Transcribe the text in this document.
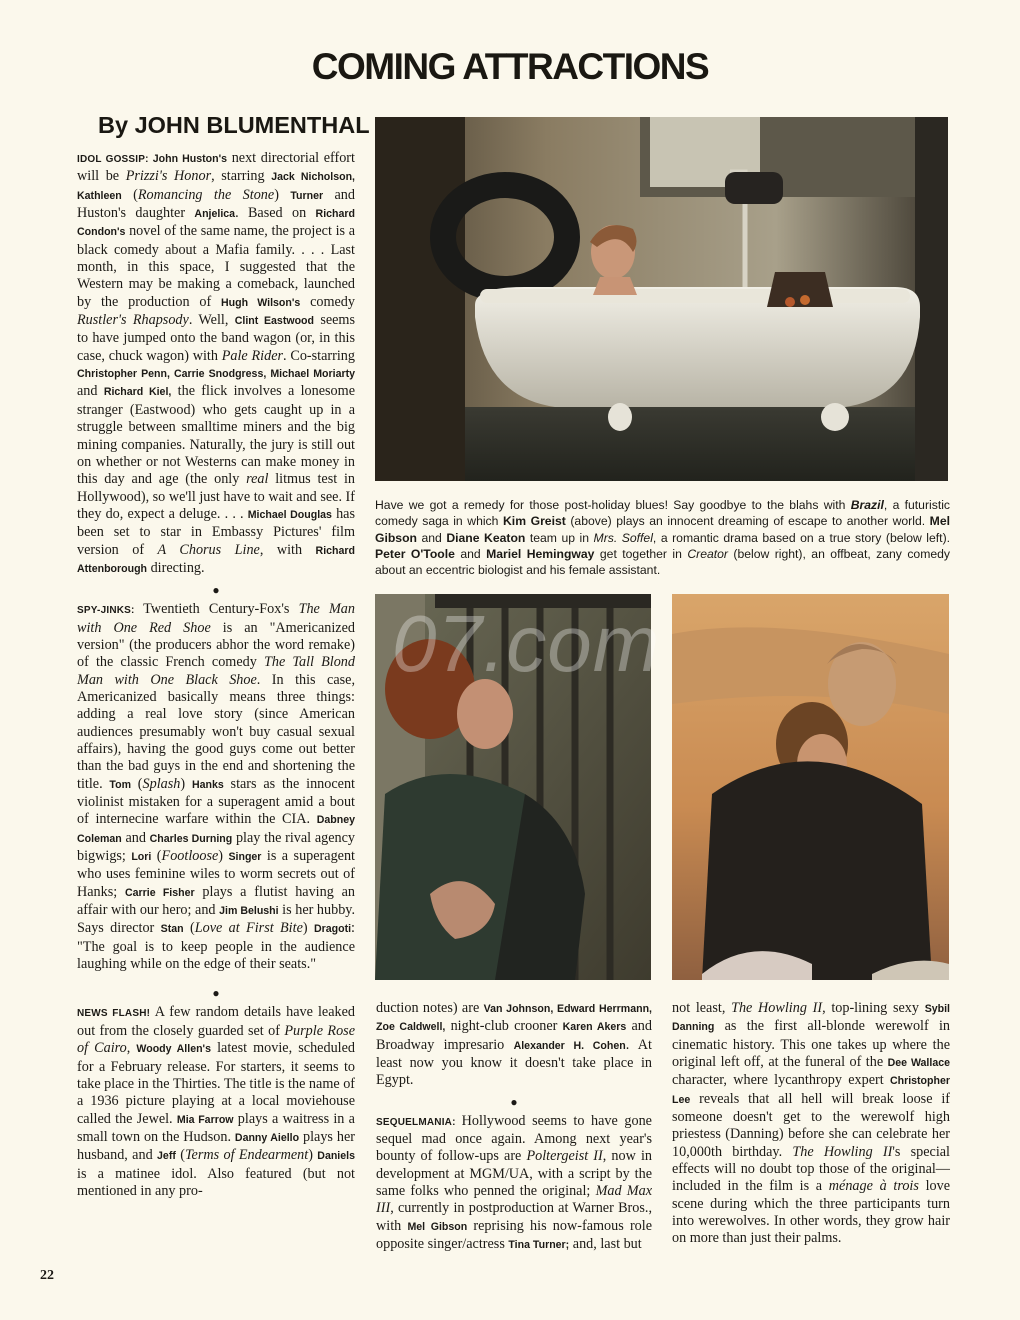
COMING ATTRACTIONS
By JOHN BLUMENTHAL

IDOL GOSSIP: John Huston's next directorial effort will be Prizzi's Honor, starring Jack Nicholson, Kathleen (Romancing the Stone) Turner and Huston's daughter Anjelica. Based on Richard Condon's novel of the same name, the project is a black comedy about a Mafia family. . . . Last month, in this space, I suggested that the Western may be making a comeback, launched by the production of Hugh Wilson's comedy Rustler's Rhapsody. Well, Clint Eastwood seems to have jumped onto the band wagon (or, in this case, chuck wagon) with Pale Rider. Co-starring Christopher Penn, Carrie Snodgress, Michael Moriarty and Richard Kiel, the flick involves a lonesome stranger (Eastwood) who gets caught up in a struggle between smalltime miners and the big mining companies. Naturally, the jury is still out on whether or not Westerns can make money in this day and age (the only real litmus test in Hollywood), so we'll just have to wait and see. If they do, expect a deluge. . . . Michael Douglas has been set to star in Embassy Pictures' film version of A Chorus Line, with Richard Attenborough directing.

●

SPY-JINKS: Twentieth Century-Fox's The Man with One Red Shoe is an "Americanized version" (the producers abhor the word remake) of the classic French comedy The Tall Blond Man with One Black Shoe. In this case, Americanized basically means three things: adding a real love story (since American audiences presumably won't buy casual sexual affairs), having the good guys come out better than the bad guys in the end and shortening the title. Tom (Splash) Hanks stars as the innocent violinist mistaken for a superagent amid a bout of internecine warfare within the CIA. Dabney Coleman and Charles Durning play the rival agency bigwigs; Lori (Footloose) Singer is a superagent who uses feminine wiles to worm secrets out of Hanks; Carrie Fisher plays a flutist having an affair with our hero; and Jim Belushi is her hubby. Says director Stan (Love at First Bite) Dragoti: "The goal is to keep people in the audience laughing while on the edge of their seats."

●

NEWS FLASH! A few random details have leaked out from the closely guarded set of Purple Rose of Cairo, Woody Allen's latest movie, scheduled for a February release. For starters, it seems to take place in the Thirties. The title is the name of a 1936 picture playing at a local moviehouse called the Jewel. Mia Farrow plays a waitress in a small town on the Hudson. Danny Aiello plays her husband, and Jeff (Terms of Endearment) Daniels is a matinee idol. Also featured (but not mentioned in any pro-

Have we got a remedy for those post-holiday blues! Say goodbye to the blahs with Brazil, a futuristic comedy saga in which Kim Greist (above) plays an innocent dreaming of escape to another world. Mel Gibson and Diane Keaton team up in Mrs. Soffel, a romantic drama based on a true story (below left). Peter O'Toole and Mariel Hemingway get together in Creator (below right), an offbeat, zany comedy about an eccentric biologist and his female assistant.

07.com

duction notes) are Van Johnson, Edward Herrmann, Zoe Caldwell, night-club crooner Karen Akers and Broadway impresario Alexander H. Cohen. At least now you know it doesn't take place in Egypt.

●

SEQUELMANIA: Hollywood seems to have gone sequel mad once again. Among next year's bounty of follow-ups are Poltergeist II, now in development at MGM/UA, with a script by the same folks who penned the original; Mad Max III, currently in postproduction at Warner Bros., with Mel Gibson reprising his now-famous role opposite singer/actress Tina Turner; and, last but

not least, The Howling II, top-lining sexy Sybil Danning as the first all-blonde werewolf in cinematic history. This one takes up where the original left off, at the funeral of the Dee Wallace character, where lycanthropy expert Christopher Lee reveals that all hell will break loose if someone doesn't get to the werewolf high priestess (Danning) before she can celebrate her 10,000th birthday. The Howling II's special effects will no doubt top those of the original—included in the film is a ménage à trois love scene during which the three participants turn into werewolves. In other words, they grow hair on more than just their palms.

22
